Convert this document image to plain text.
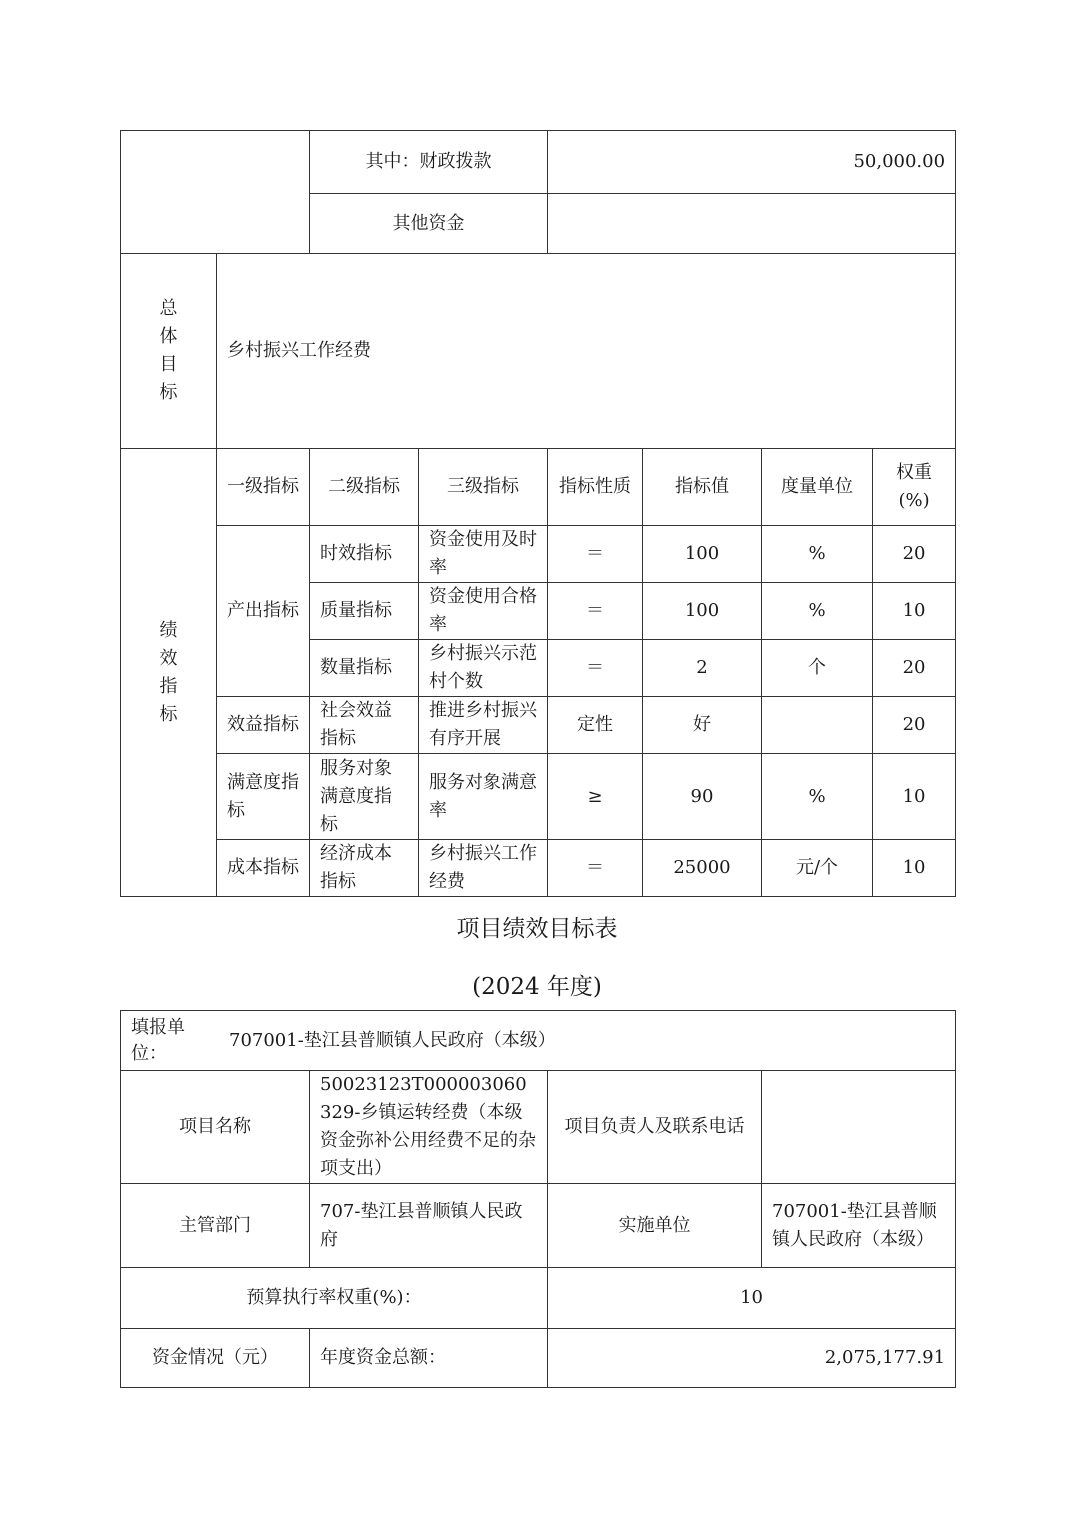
		其中：财政拨款		50,000.00			
		其他资金					

总
体
目
标	乡村振兴工作经费						

绩
效
指
标	一级指标	二级指标	三级指标	指标性质	指标值	度量单位	权重(%)
	产出指标	时效指标	资金使用及时率	＝	100	%	20
		质量指标	资金使用合格率	＝	100	%	10
		数量指标	乡村振兴示范村个数	＝	2	个	20
	效益指标	社会效益指标	推进乡村振兴有序开展	定性	好		20
	满意度指标	服务对象满意度指标	服务对象满意率	≥	90	%	10
	成本指标	经济成本指标	乡村振兴工作经费	＝	25000	元/个	10
项目绩效目标表
(2024 年度)
填报单位：
707001-垫江县普顺镇人民政府（本级）			

项目名称	50023123T000003060329-乡镇运转经费（本级资金弥补公用经费不足的杂项支出）	项目负责人及联系电话	
主管部门	707-垫江县普顺镇人民政府	实施单位	707001-垫江县普顺镇人民政府（本级）
预算执行率权重(%)：		10	
资金情况（元）	年度资金总额：	2,075,177.91	
